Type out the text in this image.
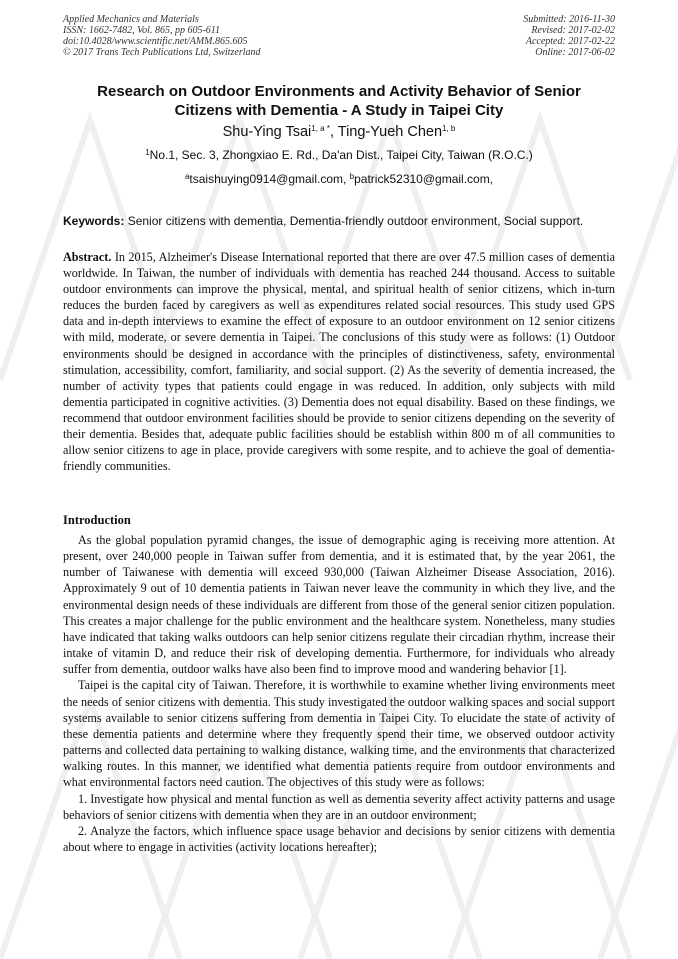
Applied Mechanics and Materials
ISSN: 1662-7482, Vol. 865, pp 605-611
doi:10.4028/www.scientific.net/AMM.865.605
© 2017 Trans Tech Publications Ltd, Switzerland
Submitted: 2016-11-30
Revised: 2017-02-02
Accepted: 2017-02-22
Online: 2017-06-02
Research on Outdoor Environments and Activity Behavior of Senior Citizens with Dementia - A Study in Taipei City
Shu-Ying Tsai$^{1, a *}$, Ting-Yueh Chen$^{1, b}$
$^1$No.1, Sec. 3, Zhongxiao E. Rd., Da'an Dist., Taipei City, Taiwan (R.O.C.)
$^a$tsaishuying0914@gmail.com, $^b$patrick52310@gmail.com,
Keywords: Senior citizens with dementia, Dementia-friendly outdoor environment, Social support.
Abstract. In 2015, Alzheimer's Disease International reported that there are over 47.5 million cases of dementia worldwide. In Taiwan, the number of individuals with dementia has reached 244 thousand. Access to suitable outdoor environments can improve the physical, mental, and spiritual health of senior citizens, which in-turn reduces the burden faced by caregivers as well as expenditures related social resources. This study used GPS data and in-depth interviews to examine the effect of exposure to an outdoor environment on 12 senior citizens with mild, moderate, or severe dementia in Taipei. The conclusions of this study were as follows: (1) Outdoor environments should be designed in accordance with the principles of distinctiveness, safety, environmental stimulation, accessibility, comfort, familiarity, and social support. (2) As the severity of dementia increased, the number of activity types that patients could engage in was reduced. In addition, only subjects with mild dementia participated in cognitive activities. (3) Dementia does not equal disability. Based on these findings, we recommend that outdoor environment facilities should be provide to senior citizens depending on the severity of their dementia. Besides that, adequate public facilities should be establish within 800 m of all communities to allow senior citizens to age in place, provide caregivers with some respite, and to achieve the goal of dementia-friendly communities.
Introduction

As the global population pyramid changes, the issue of demographic aging is receiving more attention. At present, over 240,000 people in Taiwan suffer from dementia, and it is estimated that, by the year 2061, the number of Taiwanese with dementia will exceed 930,000 (Taiwan Alzheimer Disease Association, 2016). Approximately 9 out of 10 dementia patients in Taiwan never leave the community in which they live, and the environmental design needs of these individuals are different from those of the general senior citizen population. This creates a major challenge for the public environment and the healthcare system. Nonetheless, many studies have indicated that taking walks outdoors can help senior citizens regulate their circadian rhythm, increase their intake of vitamin D, and reduce their risk of developing dementia. Furthermore, for individuals who already suffer from dementia, outdoor walks have also been find to improve mood and wandering behavior [1].

Taipei is the capital city of Taiwan. Therefore, it is worthwhile to examine whether living environments meet the needs of senior citizens with dementia. This study investigated the outdoor walking spaces and social support systems available to senior citizens suffering from dementia in Taipei City. To elucidate the state of activity of these dementia patients and determine where they frequently spend their time, we observed outdoor activity patterns and collected data pertaining to walking distance, walking time, and the environments that characterized walking routes. In this manner, we identified what dementia patients require from outdoor environments and what environmental factors need caution. The objectives of this study were as follows:

1. Investigate how physical and mental function as well as dementia severity affect activity patterns and usage behaviors of senior citizens with dementia when they are in an outdoor environment;

2. Analyze the factors, which influence space usage behavior and decisions by senior citizens with dementia about where to engage in activities (activity locations hereafter);
